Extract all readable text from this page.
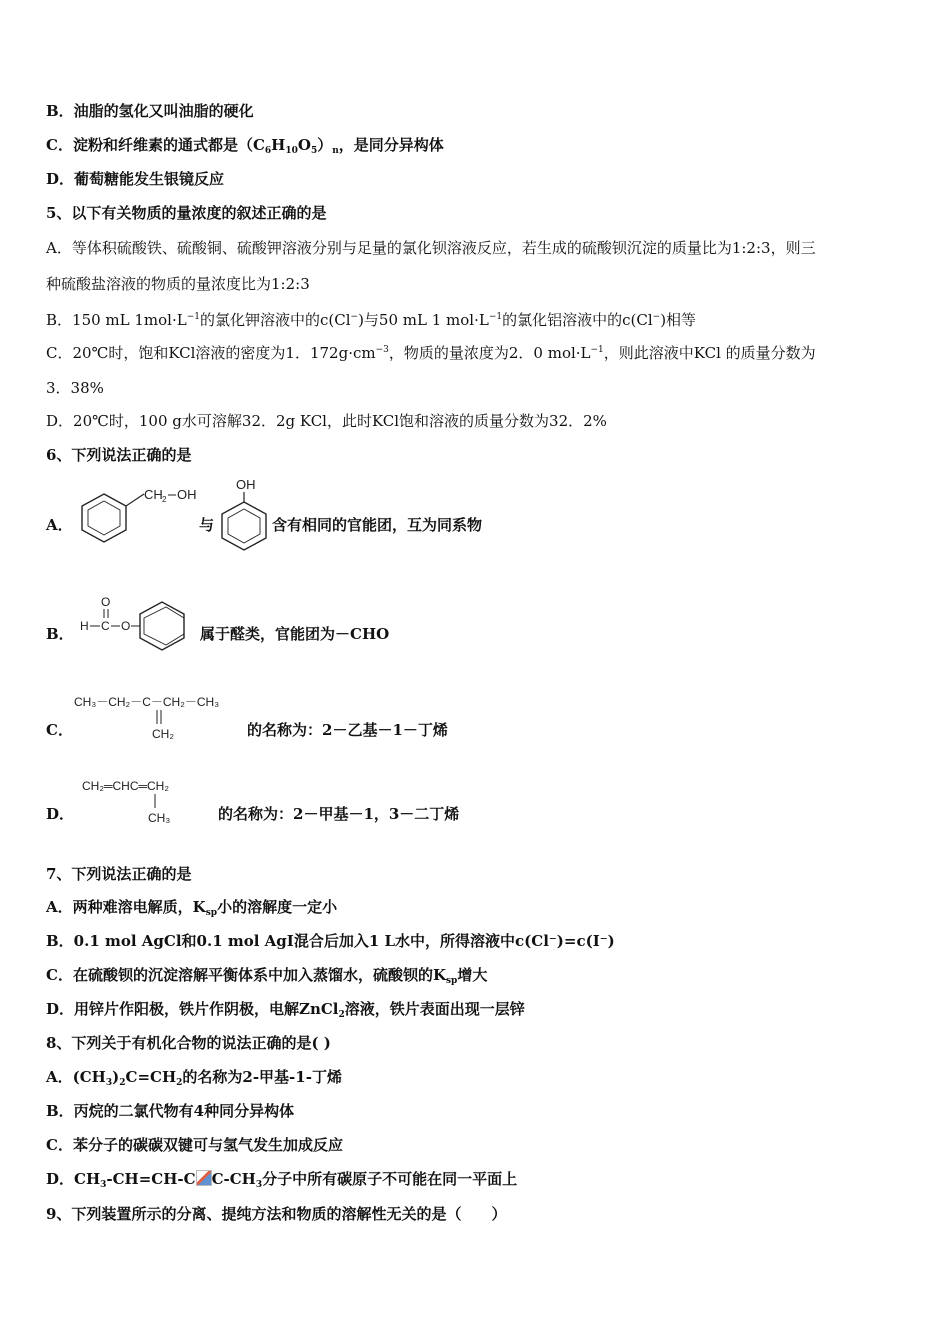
B．油脂的氢化又叫油脂的硬化
C．淀粉和纤维素的通式都是$(C_6H_{10}O_5)_n$，是同分异构体
D．葡萄糖能发生银镜反应
5、以下有关物质的量浓度的叙述正确的是
A．等体积硫酸铁、硫酸铜、硫酸钾溶液分别与足量的氯化钡溶液反应，若生成的硫酸钡沉淀的质量比为1:2:3，则三
种硫酸盐溶液的物质的量浓度比为1:2:3
B．150 mL $1mol\cdot L^{-1}$的氯化钾溶液中的c(Cl−)与50 mL 1 $mol\cdot L^{-1}$的氯化铝溶液中的c(Cl−)相等
C．20℃时，饱和KCl溶液的密度为1．$172g\cdot cm^{-3}$，物质的量浓度为2．0 $mol\cdot L^{-1}$，则此溶液中KCl 的质量分数为
3．38%
D．20℃时，100 g水可溶解32．2g KCl，此时KCl饱和溶液的质量分数为32．2%
6、下列说法正确的是
A．
CH 2 OH
与
OH
含有相同的官能团，互为同系物
B． H C
O
O	属于醛类，官能团为－CHO
C．
CH₃－CH₂－C－CH₂－CH₃
CH₂	的名称为：2－乙基－1－丁烯
D．
CH₂═CHC═CH₂
CH₃	的名称为：2－甲基－1，3－二丁烯
7、下列说法正确的是
A．两种难溶电解质，$K_{sp}$小的溶解度一定小
B．0.1 mol AgCl和0.1 mol AgI混合后加入1 L水中，所得溶液中c(Cl⁻)=c(I⁻)
C．在硫酸钡的沉淀溶解平衡体系中加入蒸馏水，硫酸钡的$K_{sp}$增大
D．用锌片作阳极，铁片作阴极，电解ZnCl$_2$溶液，铁片表面出现一层锌
8、下列关于有机化合物的说法正确的是( )
A．$(CH_3)_2C=CH_2$的名称为2-甲基-1-丁烯
B．丙烷的二氯代物有4种同分异构体
C．苯分子的碳碳双键可与氢气发生加成反应
D．$CH_3-CH=CH-C$ $C-CH_3$分子中所有碳原子不可能在同一平面上
9、下列装置所示的分离、提纯方法和物质的溶解性无关的是（　　）
